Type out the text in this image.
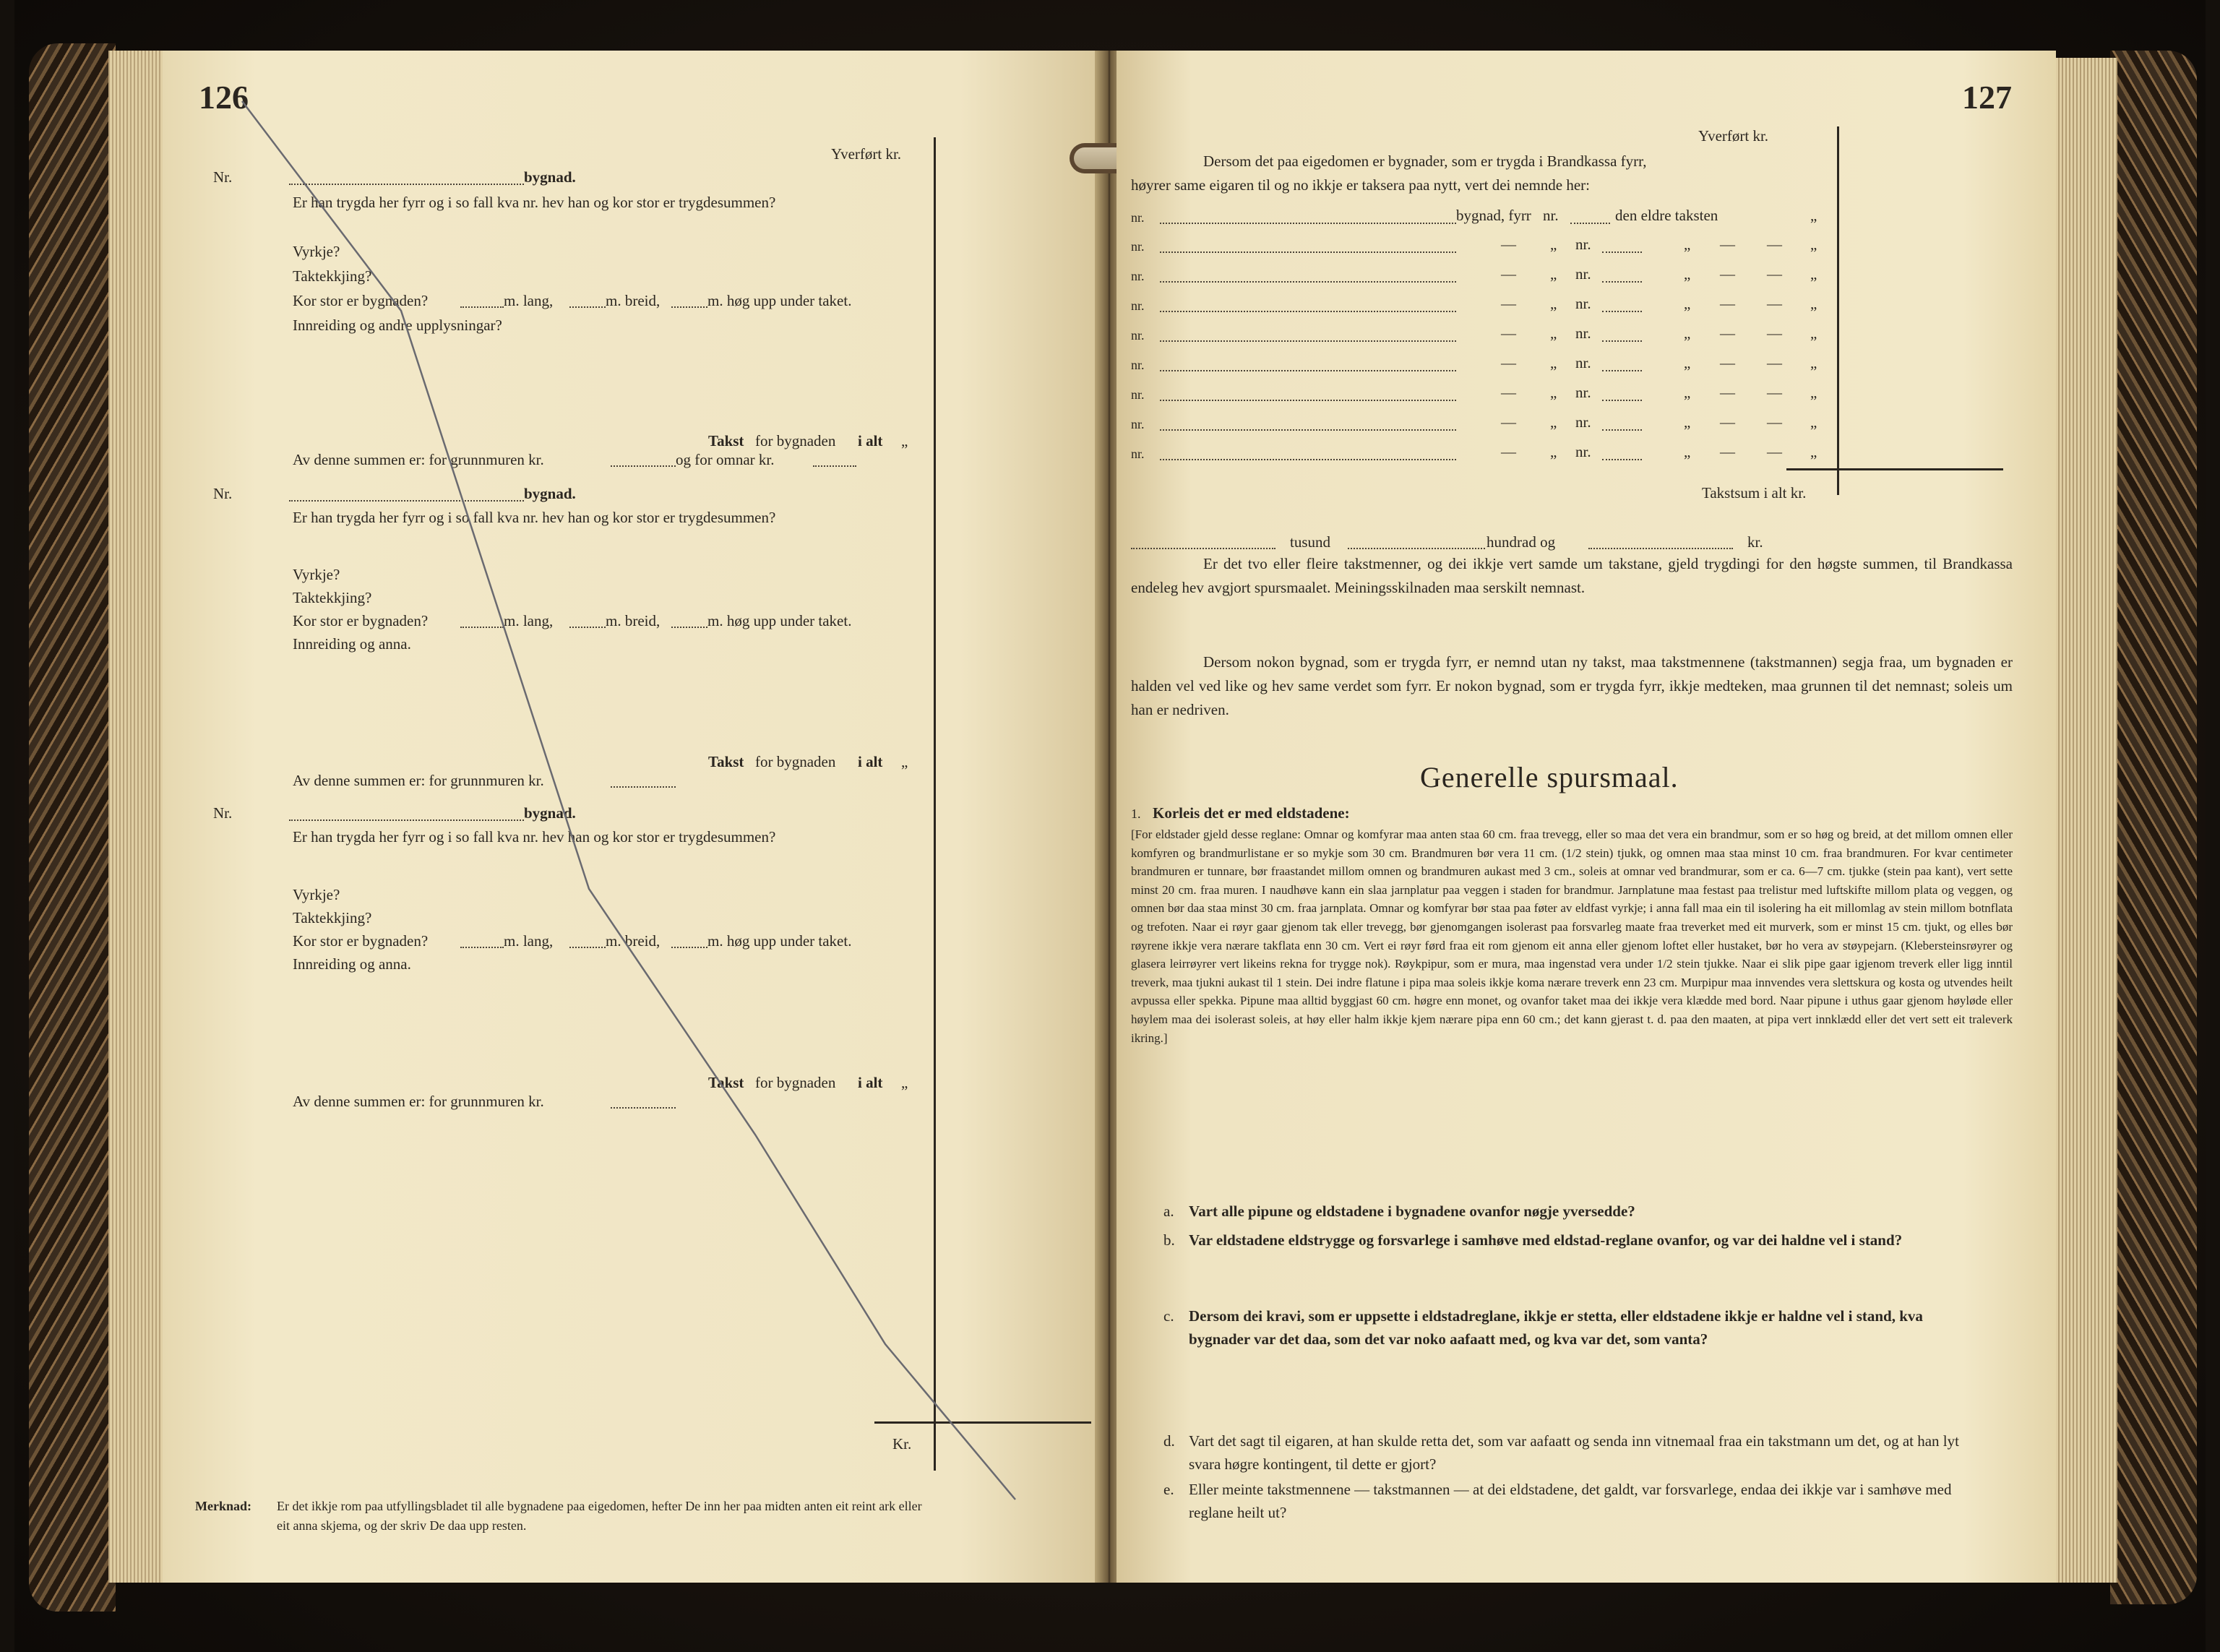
126
Yverført kr.
Kr.
Nr.	bygnad.
Er han trygda her fyrr og i so fall kva nr. hev han og kor stor er trygdesummen?
Vyrkje?
Taktekkjing?
Kor stor er bygnaden?	m. lang,	m. breid,	m. høg upp under taket.
Innreiding og andre upplysningar?
Takst for bygnaden i alt „
Av denne summen er: for grunnmuren kr.	og for omnar kr.
Nr.	bygnad.
Er han trygda her fyrr og i so fall kva nr. hev han og kor stor er trygdesummen?
Vyrkje?
Taktekkjing?
Kor stor er bygnaden?	m. lang,	m. breid,	m. høg upp under taket.
Innreiding og anna.
Takst for bygnaden i alt „
Av denne summen er: for grunnmuren kr.
Nr.	bygnad.
Er han trygda her fyrr og i so fall kva nr. hev han og kor stor er trygdesummen?
Vyrkje?
Taktekkjing?
Kor stor er bygnaden?	m. lang,	m. breid,	m. høg upp under taket.
Innreiding og anna.
Takst for bygnaden i alt „
Av denne summen er: for grunnmuren kr.
Merknad: Er det ikkje rom paa utfyllingsbladet til alle bygnadene paa eigedomen, hefter De inn her paa midten anten eit reint ark eller
eit anna skjema, og der skriv De daa upp resten.
127
Yverført kr.
Dersom det paa eigedomen er bygnader, som er trygda i Brandkassa fyrr,
høyrer same eigaren til og no ikkje er taksera paa nytt, vert dei nemnde her:
nr.	bygnad, fyrr nr.	den eldre taksten	„
nr.	— „ nr.	„ — — „
nr.	— „ nr.	„ — — „
nr.	— „ nr.	„ — — „
nr.	— „ nr.	„ — — „
nr.	— „ nr.	„ — — „
nr.	— „ nr.	„ — — „
nr.	— „ nr.	„ — — „
nr.	— „ nr.	„ — — „
Takstsum i alt kr.
tusund	hundrad og	kr.
Er det tvo eller fleire takstmenner, og dei ikkje vert samde um takstane, gjeld trygdingi for den høgste summen, til Brandkassa endeleg hev avgjort spursmaalet. Meiningsskilnaden maa serskilt nemnast.
Dersom nokon bygnad, som er trygda fyrr, er nemnd utan ny takst, maa takstmennene (takstmannen) segja fraa, um bygnaden er halden vel ved like og hev same verdet som fyrr. Er nokon bygnad, som er trygda fyrr, ikkje medteken, maa grunnen til det nemnast; soleis um han er nedriven.
Generelle spursmaal.
1. Korleis det er med eldstadene:
[For eldstader gjeld desse reglane: Omnar og komfyrar maa anten staa 60 cm. fraa trevegg, eller so maa det vera ein brandmur, som er so høg og breid, at det millom omnen eller komfyren og brandmurlistane er so mykje som 30 cm. Brandmuren bør vera 11 cm. (1/2 stein) tjukk, og omnen maa staa minst 10 cm. fraa brandmuren. For kvar centimeter brandmuren er tunnare, bør fraastandet millom omnen og brandmuren aukast med 3 cm., soleis at omnar ved brandmurar, som er ca. 6—7 cm. tjukke (stein paa kant), vert sette minst 20 cm. fraa muren. I naudhøve kann ein slaa jarnplatur paa veggen i staden for brandmur. Jarnplatune maa festast paa trelistur med luftskifte millom plata og veggen, og omnen bør daa staa minst 30 cm. fraa jarnplata. Omnar og komfyrar bør staa paa føter av eldfast vyrkje; i anna fall maa ein til isolering ha eit millomlag av stein millom botnflata og trefoten. Naar ei røyr gaar gjenom tak eller trevegg, bør gjenomgangen isolerast paa forsvarleg maate fraa treverket med eit murverk, som er minst 15 cm. tjukt, og elles bør røyrene ikkje vera nærare takflata enn 30 cm. Vert ei røyr førd fraa eit rom gjenom eit anna eller gjenom loftet eller hustaket, bør ho vera av støypejarn. (Klebersteinsrøyrer og glasera leirrøyrer vert likeins rekna for trygge nok). Røykpipur, som er mura, maa ingenstad vera under 1/2 stein tjukke. Naar ei slik pipe gaar igjenom treverk eller ligg inntil treverk, maa tjukni aukast til 1 stein. Dei indre flatune i pipa maa soleis ikkje koma nærare treverk enn 23 cm. Murpipur maa innvendes vera slettskura og kosta og utvendes heilt avpussa eller spekka. Pipune maa alltid byggjast 60 cm. høgre enn monet, og ovanfor taket maa dei ikkje vera klædde med bord. Naar pipune i uthus gaar gjenom høyløde eller høylem maa dei isolerast soleis, at høy eller halm ikkje kjem nærare pipa enn 60 cm.; det kann gjerast t. d. paa den maaten, at pipa vert innklædd eller det vert sett eit traleverk ikring.]
a. Vart alle pipune og eldstadene i bygnadene ovanfor nøgje yversedde?
b. Var eldstadene eldstrygge og forsvarlege i samhøve med eldstad-reglane ovanfor, og var dei haldne vel i stand?
c. Dersom dei kravi, som er uppsette i eldstadreglane, ikkje er stetta, eller eldstadene ikkje er haldne vel i stand, kva bygnader var det daa, som det var noko aafaatt med, og kva var det, som vanta?
d. Vart det sagt til eigaren, at han skulde retta det, som var aafaatt og senda inn vitnemaal fraa ein takstmann um det, og at han lyt svara høgre kontingent, til dette er gjort?
e. Eller meinte takstmennene — takstmannen — at dei eldstadene, det galdt, var forsvarlege, endaa dei ikkje var i samhøve med reglane heilt ut?
